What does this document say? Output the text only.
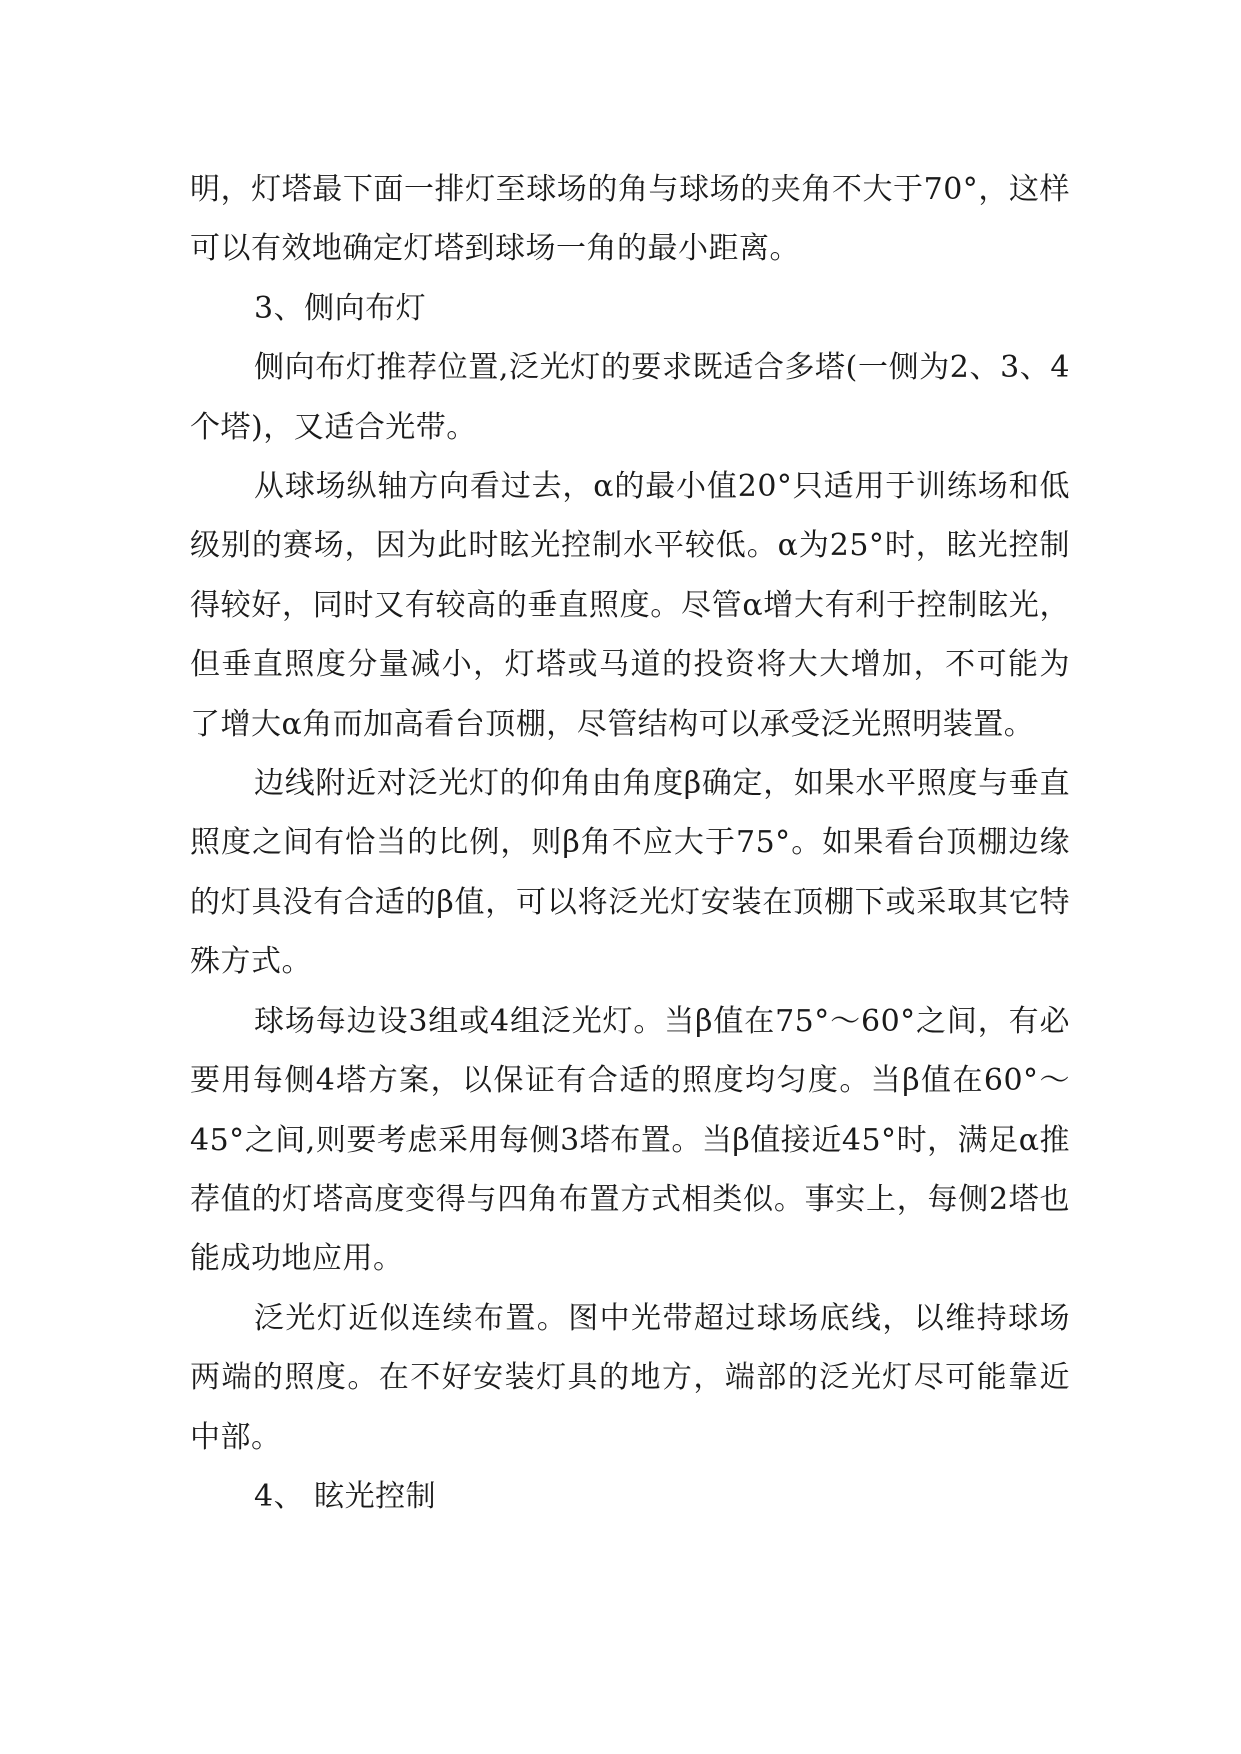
明，灯塔最下面一排灯至球场的角与球场的夹角不大于70°，这样可以有效地确定灯塔到球场一角的最小距离。

3、侧向布灯

侧向布灯推荐位置,泛光灯的要求既适合多塔(一侧为2、3、4个塔)，又适合光带。

从球场纵轴方向看过去，α的最小值20°只适用于训练场和低级别的赛场，因为此时眩光控制水平较低。α为25°时，眩光控制得较好，同时又有较高的垂直照度。尽管α增大有利于控制眩光，但垂直照度分量减小，灯塔或马道的投资将大大增加，不可能为了增大α角而加高看台顶棚，尽管结构可以承受泛光照明装置。

边线附近对泛光灯的仰角由角度β确定，如果水平照度与垂直照度之间有恰当的比例，则β角不应大于75°。如果看台顶棚边缘的灯具没有合适的β值，可以将泛光灯安装在顶棚下或采取其它特殊方式。

球场每边设3组或4组泛光灯。当β值在75°～60°之间，有必要用每侧4塔方案，以保证有合适的照度均匀度。当β值在60°～45°之间,则要考虑采用每侧3塔布置。当β值接近45°时，满足α推荐值的灯塔高度变得与四角布置方式相类似。事实上，每侧2塔也能成功地应用。

泛光灯近似连续布置。图中光带超过球场底线，以维持球场两端的照度。在不好安装灯具的地方，端部的泛光灯尽可能靠近中部。

4、 眩光控制
